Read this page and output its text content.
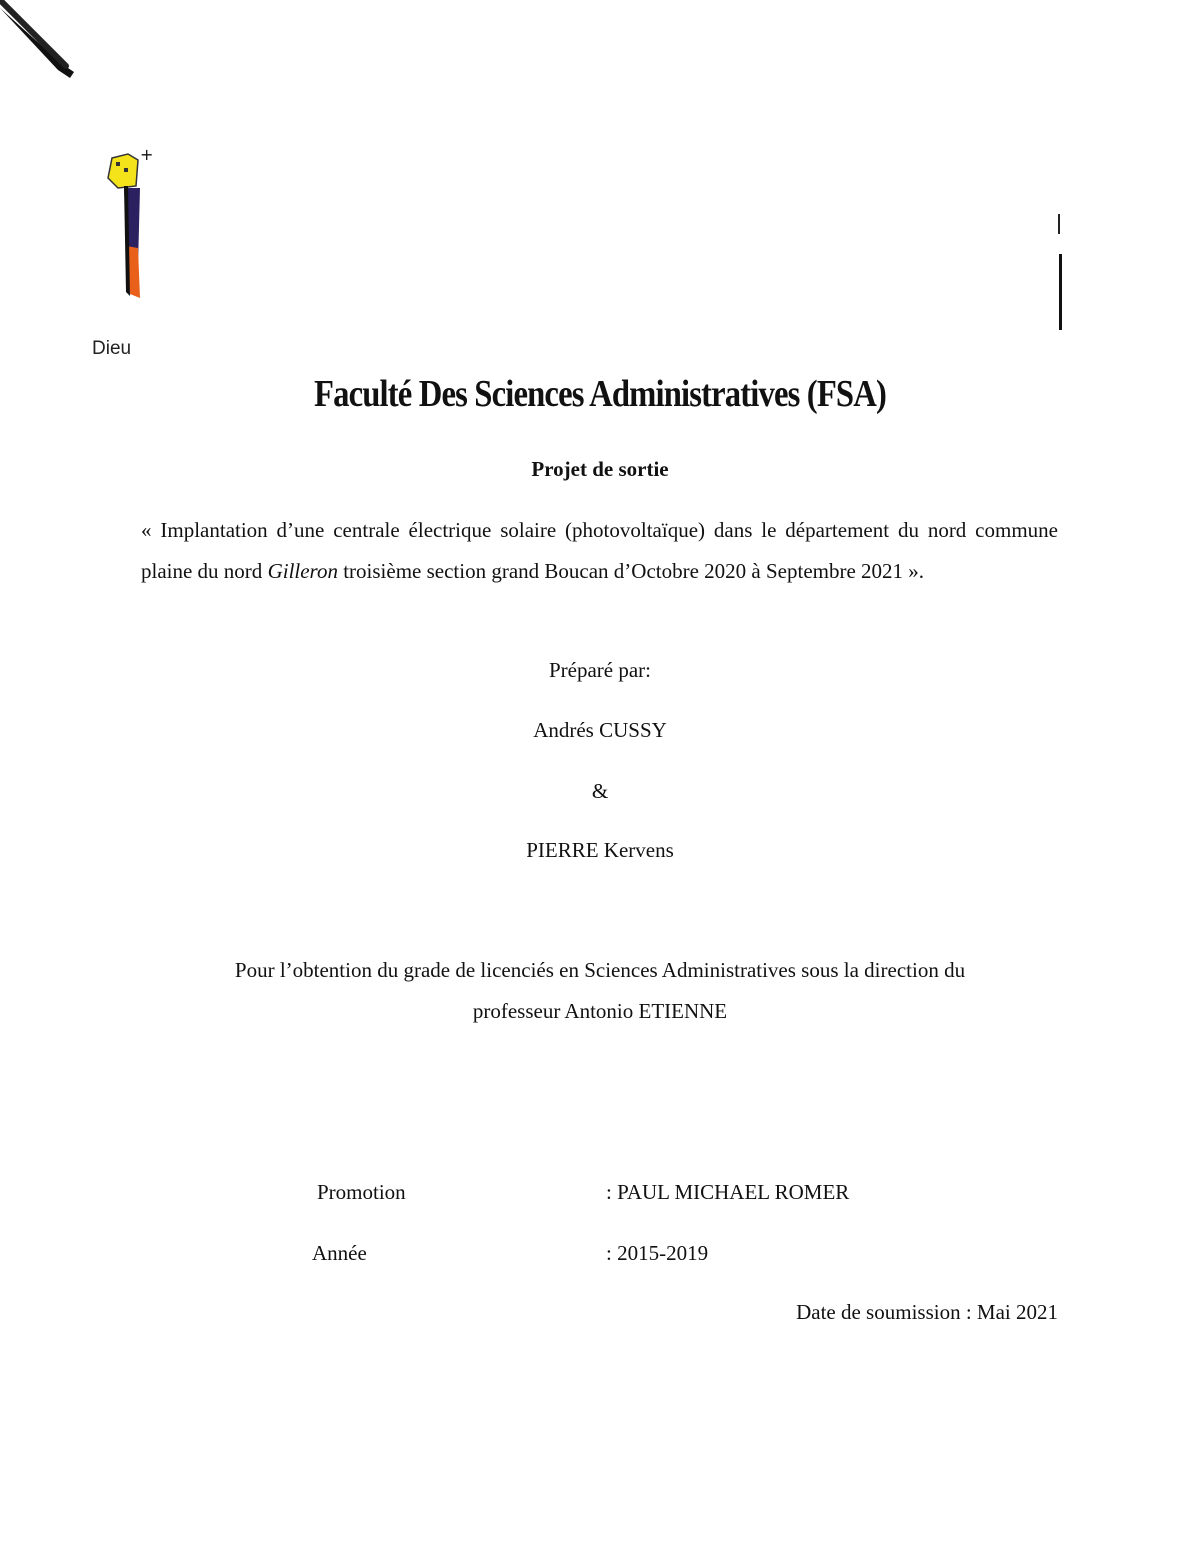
+
Dieu
Faculté Des Sciences Administratives (FSA)
Projet de sortie
« Implantation d’une centrale électrique solaire (photovoltaïque) dans le département du nord commune plaine du nord Gilleron troisième section grand Boucan d’Octobre 2020 à Septembre 2021 ».
Préparé par:
Andrés CUSSY
&
PIERRE Kervens
Pour l’obtention du grade de licenciés en Sciences Administratives sous la direction du
professeur Antonio ETIENNE
Promotion	: PAUL MICHAEL ROMER
Année	: 2015-2019
Date de soumission : Mai 2021
